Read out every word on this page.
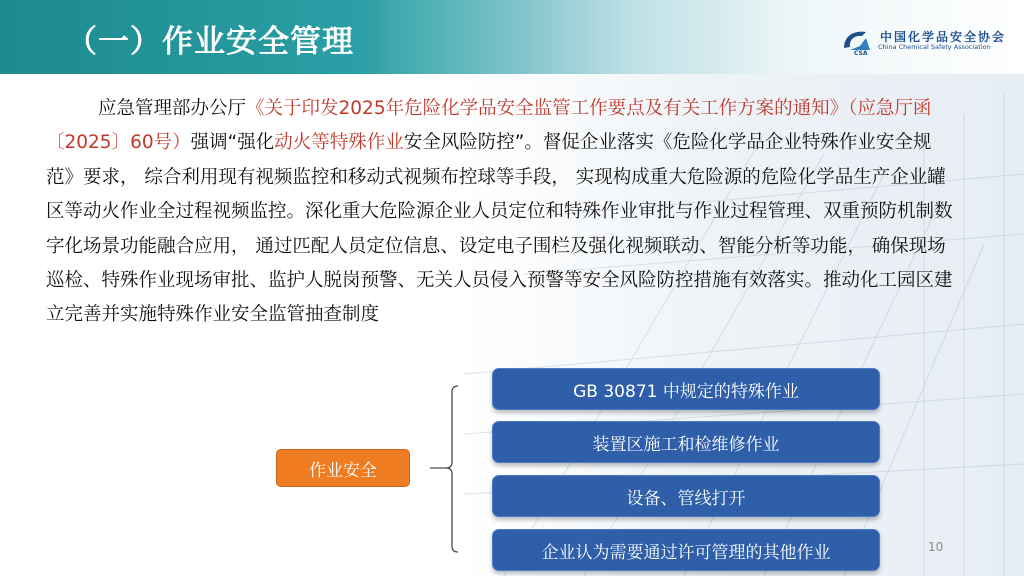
（一）作业安全管理	CSA
中国化学品安全协会
China Chemical Safety Association
应急管理部办公厅《关于印发2025年危险化学品安全监管工作要点及有关工作方案的通知》（应急厅函〔2025〕60号）强调“强化动火等特殊作业安全风险防控”。督促企业落实《危险化学品企业特殊作业安全规范》要求， 综合利用现有视频监控和移动式视频布控球等手段， 实现构成重大危险源的危险化学品生产企业罐区等动火作业全过程视频监控。深化重大危险源企业人员定位和特殊作业审批与作业过程管理、双重预防机制数字化场景功能融合应用， 通过匹配人员定位信息、设定电子围栏及强化视频联动、智能分析等功能， 确保现场巡检、特殊作业现场审批、监护人脱岗预警、无关人员侵入预警等安全风险防控措施有效落实。推动化工园区建立完善并实施特殊作业安全监管抽查制度
作业安全
GB 30871 中规定的特殊作业
装置区施工和检维修作业
设备、管线打开
企业认为需要通过许可管理的其他作业	10
